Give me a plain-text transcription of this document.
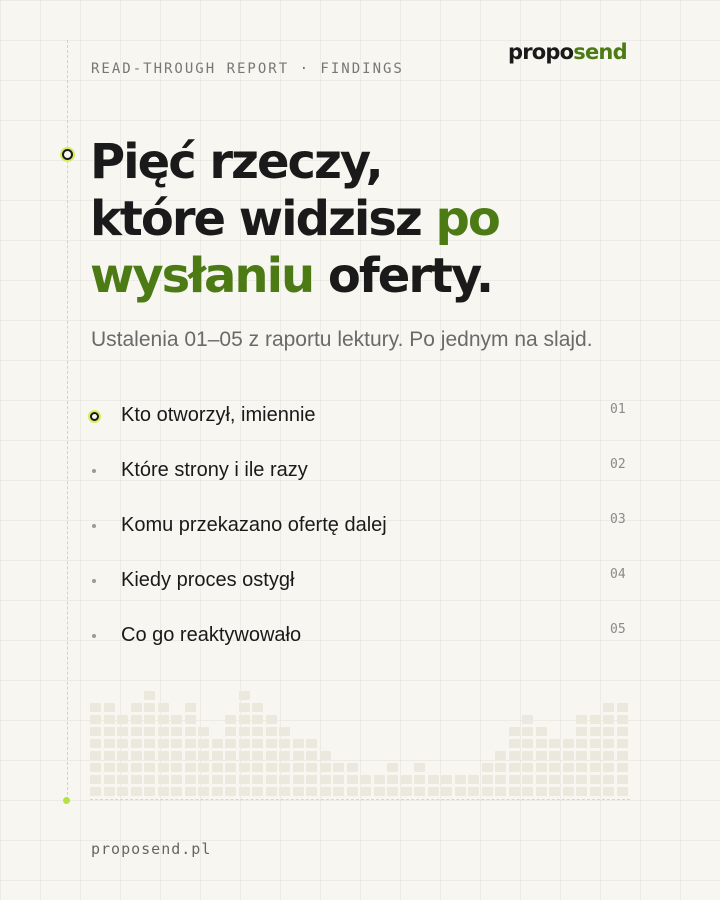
READ-THROUGH REPORT · FINDINGS
proposend
Pięć rzeczy,
które widzisz po
wysłaniu oferty.

Ustalenia 01–05 z raportu lektury. Po jednym na slajd.

Kto otworzył, imiennie	01
Które strony i ile razy	02
Komu przekazano ofertę dalej	03
Kiedy proces ostygł	04
Co go reaktywowało	05
proposend.pl
